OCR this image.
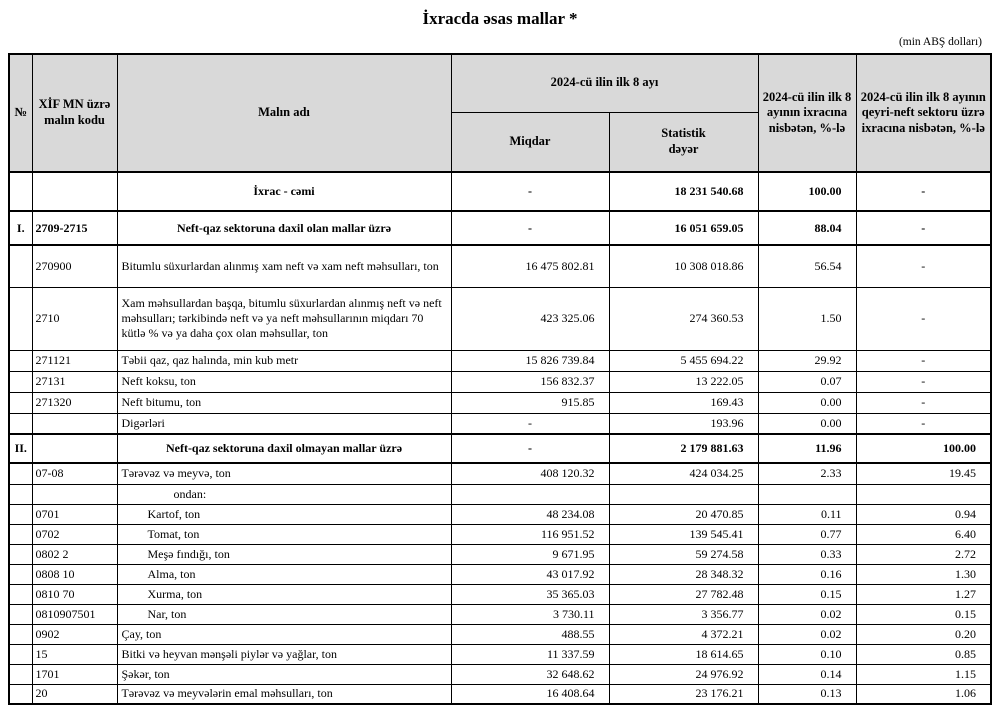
İxracda əsas mallar *
(min ABŞ dolları)
№	XİF MN üzrə malın kodu	Malın adı	2024-cü ilin ilk 8 ayı		2024-cü ilin ilk 8 ayının ixracına nisbətən, %-lə	2024-cü ilin ilk 8 ayının qeyri-neft sektoru üzrə ixracına nisbətən, %-lə
			Miqdar	Statistik dəyər		
		İxrac - cəmi	-	18 231 540.68	100.00	-
I.	2709-2715	Neft-qaz sektoruna daxil olan mallar üzrə	-	16 051 659.05	88.04	-
	270900	Bitumlu süxurlardan alınmış xam neft və xam neft məhsulları, ton	16 475 802.81	10 308 018.86	56.54	-
	2710	Xam məhsullardan başqa, bitumlu süxurlardan alınmış neft və neft məhsulları; tərkibində neft və ya neft məhsullarının miqdarı 70 kütlə % və ya daha çox olan məhsullar, ton	423 325.06	274 360.53	1.50	-
	271121	Təbii qaz, qaz halında, min kub metr	15 826 739.84	5 455 694.22	29.92	-
	27131	Neft koksu, ton	156 832.37	13 222.05	0.07	-
	271320	Neft bitumu, ton	915.85	169.43	0.00	-
		Digərləri	-	193.96	0.00	-
II.		Neft-qaz sektoruna daxil olmayan mallar üzrə	-	2 179 881.63	11.96	100.00
	07-08	Tərəvəz və meyvə, ton	408 120.32	424 034.25	2.33	19.45
		ondan:				
	0701	Kartof, ton	48 234.08	20 470.85	0.11	0.94
	0702	Tomat, ton	116 951.52	139 545.41	0.77	6.40
	0802 2	Meşə fındığı, ton	9 671.95	59 274.58	0.33	2.72
	0808 10	Alma, ton	43 017.92	28 348.32	0.16	1.30
	0810 70	Xurma, ton	35 365.03	27 782.48	0.15	1.27
	0810907501	Nar, ton	3 730.11	3 356.77	0.02	0.15
	0902	Çay, ton	488.55	4 372.21	0.02	0.20
	15	Bitki və heyvan mənşəli piylər və yağlar, ton	11 337.59	18 614.65	0.10	0.85
	1701	Şəkər, ton	32 648.62	24 976.92	0.14	1.15
	20	Tərəvəz və meyvələrin emal məhsulları, ton	16 408.64	23 176.21	0.13	1.06
